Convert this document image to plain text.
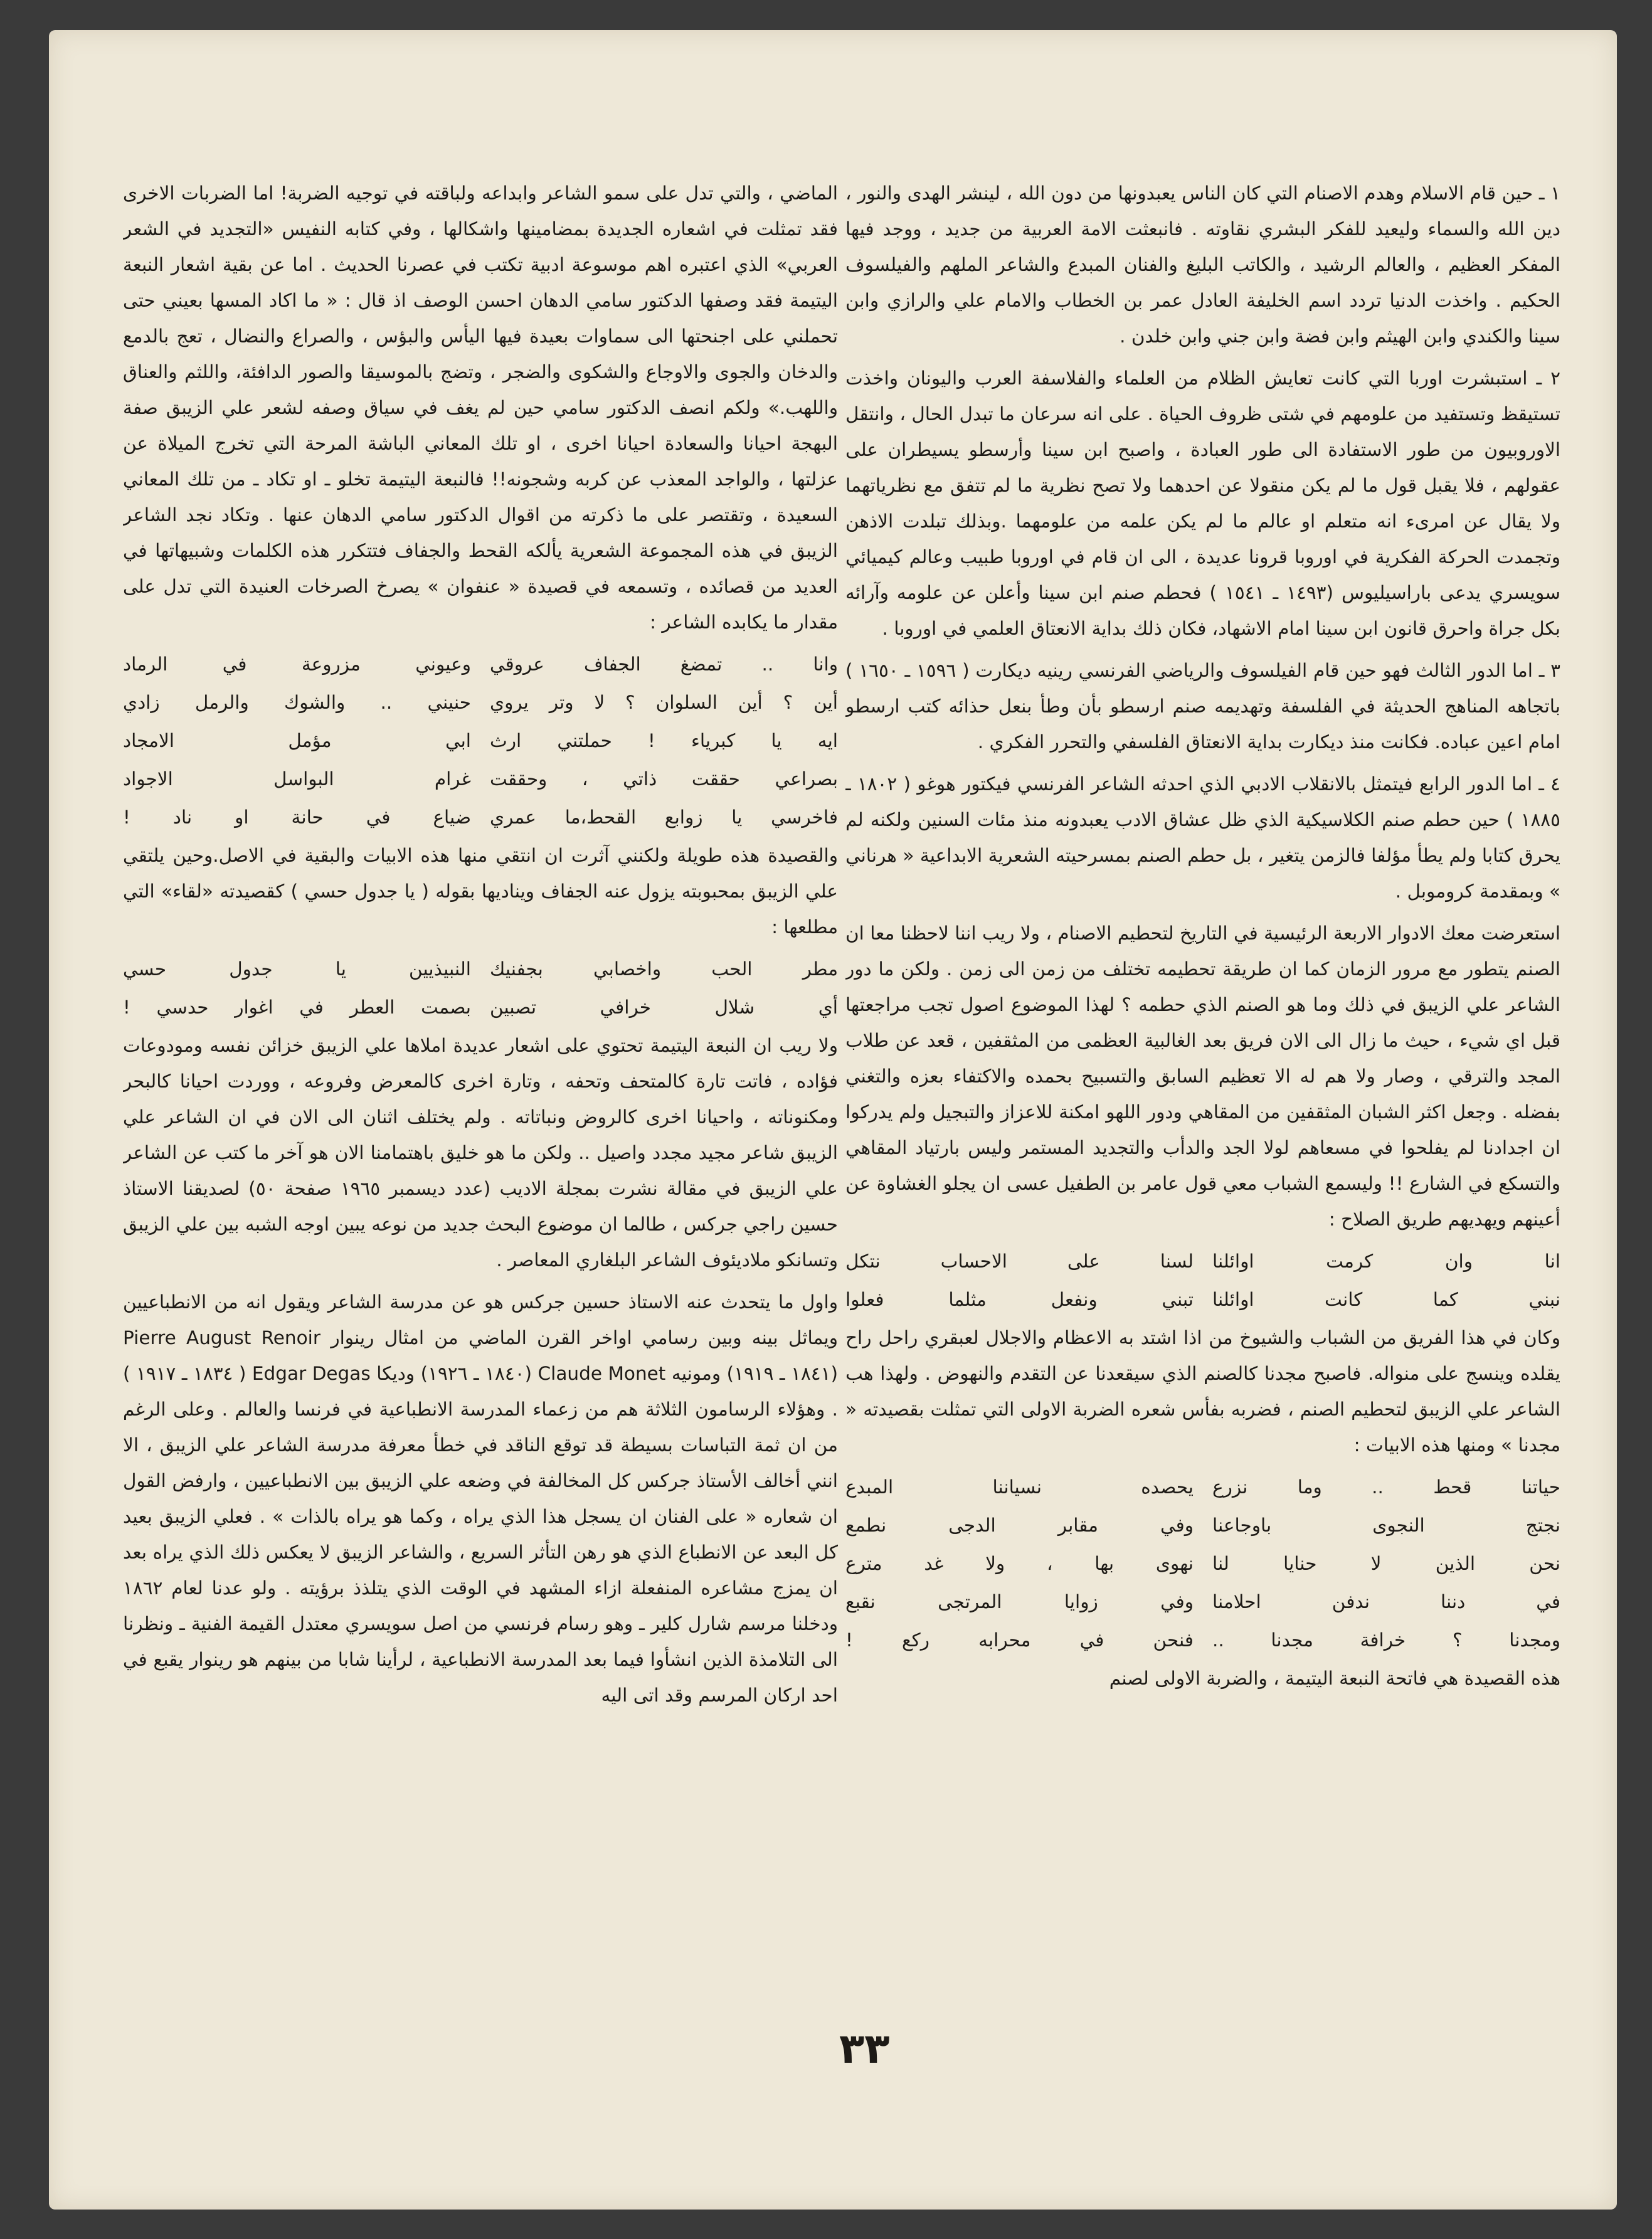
١ ـ حين قام الاسلام وهدم الاصنام التي كان الناس يعبدونها من دون الله ، لينشر الهدى والنور ، دين الله والسماء وليعيد للفكر البشري نقاوته . فانبعثت الامة العربية من جديد ، ووجد فيها المفكر العظيم ، والعالم الرشيد ، والكاتب البليغ والفنان المبدع والشاعر الملهم والفيلسوف الحكيم . واخذت الدنيا تردد اسم الخليفة العادل عمر بن الخطاب والامام علي والرازي وابن سينا والكندي وابن الهيثم وابن فضة وابن جني وابن خلدن .

٢ ـ استبشرت اوربا التي كانت تعايش الظلام من العلماء والفلاسفة العرب واليونان واخذت تستيقظ وتستفيد من علومهم في شتى ظروف الحياة . على انه سرعان ما تبدل الحال ، وانتقل الاوروبيون من طور الاستفادة الى طور العبادة ، واصبح ابن سينا وأرسطو يسيطران على عقولهم ، فلا يقبل قول ما لم يكن منقولا عن احدهما ولا تصح نظرية ما لم تتفق مع نظرياتهما ولا يقال عن امرىء انه متعلم او عالم ما لم يكن علمه من علومهما .وبذلك تبلدت الاذهن وتجمدت الحركة الفكرية في اوروبا قرونا عديدة ، الى ان قام في اوروبا طبيب وعالم كيميائي سويسري يدعى باراسيليوس (١٤٩٣ ـ ١٥٤١ ) فحطم صنم ابن سينا وأعلن عن علومه وآرائه بكل جراة واحرق قانون ابن سينا امام الاشهاد، فكان ذلك بداية الانعتاق العلمي في اوروبا .

٣ ـ اما الدور الثالث فهو حين قام الفيلسوف والرياضي الفرنسي رينيه ديكارت ( ١٥٩٦ ـ ١٦٥٠ ) باتجاهه المناهج الحديثة في الفلسفة وتهديمه صنم ارسطو بأن وطأ بنعل حذائه كتب ارسطو امام اعين عباده. فكانت منذ ديكارت بداية الانعتاق الفلسفي والتحرر الفكري .

٤ ـ اما الدور الرابع فيتمثل بالانقلاب الادبي الذي احدثه الشاعر الفرنسي فيكتور هوغو ( ١٨٠٢ ـ ١٨٨٥ ) حين حطم صنم الكلاسيكية الذي ظل عشاق الادب يعبدونه منذ مئات السنين ولكنه لم يحرق كتابا ولم يطأ مؤلفا فالزمن يتغير ، بل حطم الصنم بمسرحيته الشعرية الابداعية « هرناني » وبمقدمة كروموبل .

استعرضت معك الادوار الاربعة الرئيسية في التاريخ لتحطيم الاصنام ، ولا ريب اننا لاحظنا معا ان الصنم يتطور مع مرور الزمان كما ان طريقة تحطيمه تختلف من زمن الى زمن . ولكن ما دور الشاعر علي الزيبق في ذلك وما هو الصنم الذي حطمه ؟ لهذا الموضوع اصول تجب مراجعتها قبل اي شيء ، حيث ما زال الى الان فريق بعد الغالبية العظمى من المثقفين ، قعد عن طلاب المجد والترقي ، وصار ولا هم له الا تعظيم السابق والتسبيح بحمده والاكتفاء بعزه والتغني بفضله . وجعل اكثر الشبان المثقفين من المقاهي ودور اللهو امكنة للاعزاز والتبجيل ولم يدركوا ان اجدادنا لم يفلحوا في مسعاهم لولا الجد والدأب والتجديد المستمر وليس بارتياد المقاهي والتسكع في الشارع !! وليسمع الشباب معي قول عامر بن الطفيل عسى ان يجلو الغشاوة عن أعينهم ويهديهم طريق الصلاح :

انا وان كرمت اوائلنا
لسنا على الاحساب نتكل
نبني كما كانت اوائلنا
تبني ونفعل مثلما فعلوا

وكان في هذا الفريق من الشباب والشيوخ من اذا اشتد به الاعظام والاجلال لعبقري راحل راح يقلده وينسج على منواله. فاصبح مجدنا كالصنم الذي سيقعدنا عن التقدم والنهوض . ولهذا هب الشاعر علي الزيبق لتحطيم الصنم ، فضربه بفأس شعره الضربة الاولى التي تمثلت بقصيدته « مجدنا » ومنها هذه الابيات :

حياتنا قحط .. وما نزرع
يحصده نسياننا المبدع
نجتج النجوى باوجاعنا
وفي مقابر الدجى نطمع
نحن الذين لا حنايا لنا
نهوى بها ، ولا غد مترع
في دننا ندفن احلامنا
وفي زوايا المرتجى نقبع
ومجدنا ؟ خرافة مجدنا ..
فنحن في محرابه ركع !

هذه القصيدة هي فاتحة النبعة اليتيمة ، والضربة الاولى لصنم

الماضي ، والتي تدل على سمو الشاعر وابداعه ولباقته في توجيه الضربة! اما الضربات الاخرى فقد تمثلت في اشعاره الجديدة بمضامينها واشكالها ، وفي كتابه النفيس «التجديد في الشعر العربي» الذي اعتبره اهم موسوعة ادبية تكتب في عصرنا الحديث . اما عن بقية اشعار النبعة اليتيمة فقد وصفها الدكتور سامي الدهان احسن الوصف اذ قال : « ما اكاد المسها بعيني حتى تحملني على اجنحتها الى سماوات بعيدة فيها اليأس والبؤس ، والصراع والنضال ، تعج بالدمع والدخان والجوى والاوجاع والشكوى والضجر ، وتضج بالموسيقا والصور الدافئة، واللثم والعناق واللهب.» ولكم انصف الدكتور سامي حين لم يغف في سياق وصفه لشعر علي الزيبق صفة البهجة احيانا والسعادة احيانا اخرى ، او تلك المعاني الباشة المرحة التي تخرج الميلاة عن عزلتها ، والواجد المعذب عن كربه وشجونه!! فالنبعة اليتيمة تخلو ـ او تكاد ـ من تلك المعاني السعيدة ، وتقتصر على ما ذكرته من اقوال الدكتور سامي الدهان عنها . وتكاد نجد الشاعر الزيبق في هذه المجموعة الشعرية يألكه القحط والجفاف فتتكرر هذه الكلمات وشبيهاتها في العديد من قصائده ، وتسمعه في قصيدة « عنفوان » يصرخ الصرخات العنيدة التي تدل على مقدار ما يكابده الشاعر :

وانا .. تمضغ الجفاف عروقي
وعيوني مزروعة في الرماد
أين ؟ أين السلوان ؟ لا وتر يروي
حنيني .. والشوك والرمل زادي
ايه يا كبرياء ! حملتني ارث
ابي مؤمل الامجاد
بصراعي حققت ذاتي ، وحققت
غرام البواسل الاجواد
فاخرسي يا زوابع القحط،ما عمري
ضياع في حانة او ناد !

والقصيدة هذه طويلة ولكنني آثرت ان انتقي منها هذه الابيات والبقية في الاصل.وحين يلتقي علي الزيبق بمحبوبته يزول عنه الجفاف ويناديها بقوله ( يا جدول حسي ) كقصيدته «لقاء» التي مطلعها :

مطر الحب واخصابي بجفنيك
النبيذيين يا جدول حسي
أي شلال خرافي تصبين
بصمت العطر في اغوار حدسي !

ولا ريب ان النبعة اليتيمة تحتوي على اشعار عديدة املاها علي الزيبق خزائن نفسه ومودوعات فؤاده ، فاتت تارة كالمتحف وتحفه ، وتارة اخرى كالمعرض وفروعه ، ووردت احيانا كالبحر ومكنوناته ، واحيانا اخرى كالروض ونباتاته . ولم يختلف اثنان الى الان في ان الشاعر علي الزيبق شاعر مجيد مجدد واصيل .. ولكن ما هو خليق باهتمامنا الان هو آخر ما كتب عن الشاعر علي الزيبق في مقالة نشرت بمجلة الاديب (عدد ديسمبر ١٩٦٥ صفحة ٥٠) لصديقنا الاستاذ حسين راجي جركس ، طالما ان موضوع البحث جديد من نوعه يبين اوجه الشبه بين علي الزيبق وتسانكو ملاديئوف الشاعر البلغاري المعاصر .

واول ما يتحدث عنه الاستاذ حسين جركس هو عن مدرسة الشاعر ويقول انه من الانطباعيين ويماثل بينه وبين رسامي اواخر القرن الماضي من امثال رينوار Pierre August Renoir (١٨٤١ ـ ١٩١٩) ومونيه Claude Monet (١٨٤٠ ـ ١٩٢٦) وديكا Edgar Degas ( ١٨٣٤ ـ ١٩١٧ ) . وهؤلاء الرسامون الثلاثة هم من زعماء المدرسة الانطباعية في فرنسا والعالم . وعلى الرغم من ان ثمة التباسات بسيطة قد توقع الناقد في خطأ معرفة مدرسة الشاعر علي الزيبق ، الا انني أخالف الأستاذ جركس كل المخالفة في وضعه علي الزيبق بين الانطباعيين ، وارفض القول ان شعاره « على الفنان ان يسجل هذا الذي يراه ، وكما هو يراه بالذات » . فعلي الزيبق بعيد كل البعد عن الانطباع الذي هو رهن التأثر السريع ، والشاعر الزيبق لا يعكس ذلك الذي يراه بعد ان يمزج مشاعره المنفعلة ازاء المشهد في الوقت الذي يتلذذ برؤيته . ولو عدنا لعام ١٨٦٢ ودخلنا مرسم شارل كلير ـ وهو رسام فرنسي من اصل سويسري معتدل القيمة الفنية ـ ونظرنا الى التلامذة الذين انشأوا فيما بعد المدرسة الانطباعية ، لرأينا شابا من بينهم هو رينوار يقبع في احد اركان المرسم وقد اتى اليه

٣٣
